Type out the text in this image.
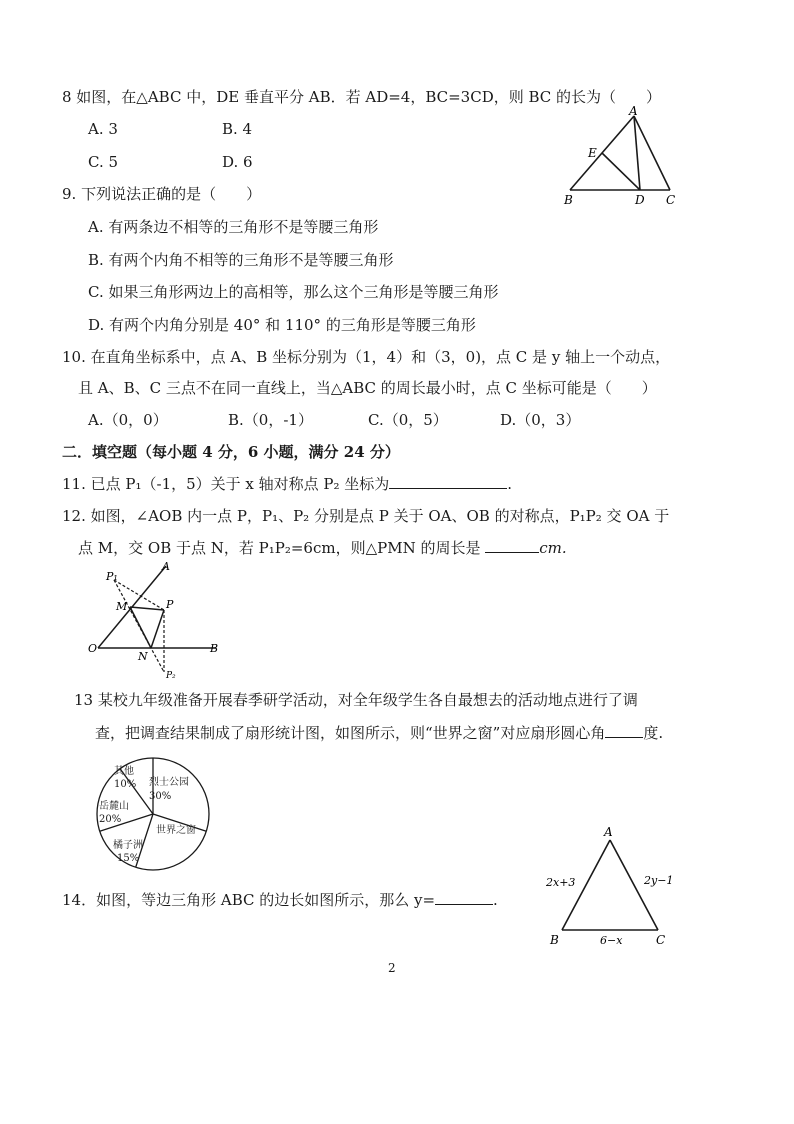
8 如图，在△ABC 中，DE 垂直平分 AB．若 AD=4，BC=3CD，则 BC 的长为（　　）
A. 3	B. 4
C. 5	D. 6
A
E
B	D C
9. 下列说法正确的是（　　）
A. 有两条边不相等的三角形不是等腰三角形
B. 有两个内角不相等的三角形不是等腰三角形
C. 如果三角形两边上的高相等，那么这个三角形是等腰三角形
D. 有两个内角分别是 40° 和 110° 的三角形是等腰三角形
10. 在直角坐标系中，点 A、B 坐标分别为（1，4）和（3，0)，点 C 是 y 轴上一个动点，
且 A、B、C 三点不在同一直线上，当△ABC 的周长最小时，点 C 坐标可能是（　　）
A.（0，0）	B.（0，-1）	C.（0，5）	D.（0，3）
二．填空题（每小题 4 分，6 小题，满分 24 分）
11. 已点 P₁（-1，5）关于 x 轴对称点 P₂ 坐标为	.
12. 如图，∠AOB 内一点 P，P₁、P₂ 分别是点 P 关于 OA、OB 的对称点，P₁P₂ 交 OA 于
点 M，交 OB 于点 N，若 P₁P₂=6cm，则△PMN 的周长是	cm.
P₁
A
M	P
O
N
B
P₂
13 某校九年级准备开展春季研学活动，对全年级学生各自最想去的活动地点进行了调
查，把调查结果制成了扇形统计图，如图所示，则“世界之窗”对应扇形圆心角	度.
其他
10% 烈士公园
30%
岳麓山
20%
橘子洲
15%
世界之窗
14．如图，等边三角形 ABC 的边长如图所示，那么 y=	.
A
B	C
2x+3	2y−1
6−x
2
